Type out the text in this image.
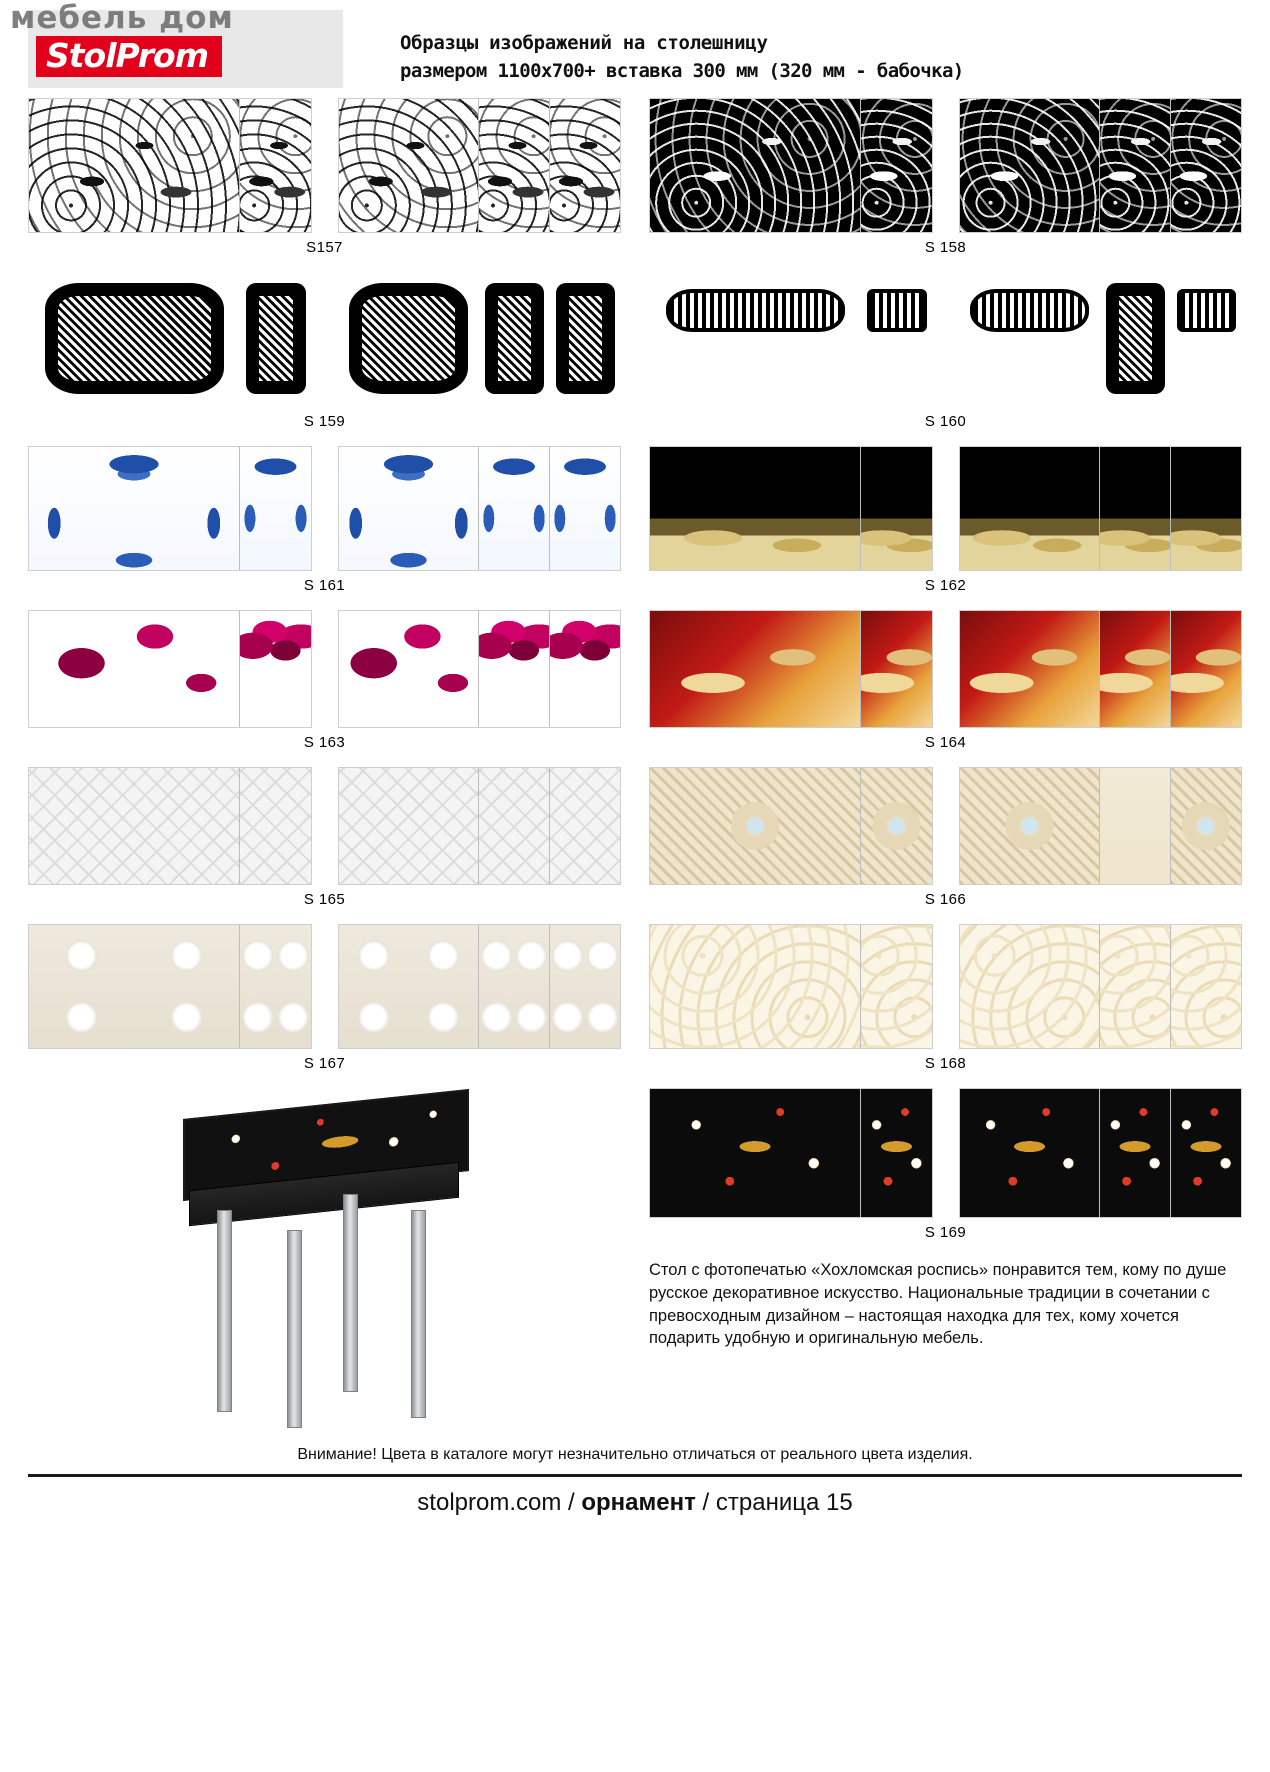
мебель дом
StolProm	Образцы изображений на столешницу
размером 1100x700+ вставка 300 мм (320 мм - бабочка)
S157	S 158
S 159	S 160
S 161	S 162
S 163	S 164
S 165	S 166
S 167	S 168
S 169
Стол с фотопечатью «Хохломская роспись» понравится тем, кому по душе русское декоративное искусство. Национальные традиции в сочетании с превосходным дизайном – настоящая находка для тех, кому хочется подарить удобную и оригинальную мебель.
Внимание! Цвета в каталоге могут незначительно отличаться от реального цвета изделия.
stolprom.com / орнамент / страница 15
